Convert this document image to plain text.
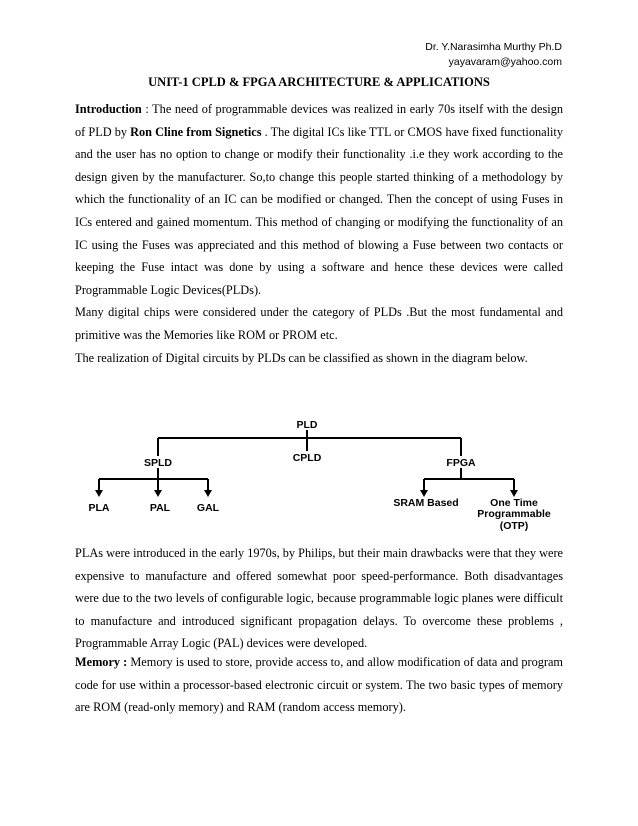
Dr. Y.Narasimha Murthy Ph.D
yayavaram@yahoo.com
UNIT-1 CPLD & FPGA ARCHITECTURE & APPLICATIONS
Introduction : The need of programmable devices was realized in early 70s itself with the design of PLD by Ron Cline from Signetics . The digital ICs like TTL or CMOS have fixed functionality and the user has no option to change or modify their functionality .i.e they work according to the design given by the manufacturer. So,to change this people started thinking of a methodology by which the functionality of an IC can be modified or changed. Then the concept of using Fuses in ICs entered and gained momentum. This method of changing or modifying the functionality of an IC using the Fuses was appreciated and this method of blowing a Fuse between two contacts or keeping the Fuse intact was done by using a software and hence these devices were called Programmable Logic Devices(PLDs).
Many digital chips were considered under the category of PLDs .But the most fundamental and primitive was the Memories like ROM or PROM etc.
The realization of Digital circuits by PLDs can be classified as shown in the diagram below.
PLD
SPLD	CPLD	FPGA
PLA	PAL	GAL	SRAM Based	One Time
Programmable
(OTP)
PLAs were introduced in the early 1970s, by Philips, but their main drawbacks were that they were expensive to manufacture and offered somewhat poor speed-performance. Both disadvantages were due to the two levels of configurable logic, because programmable logic planes were difficult to manufacture and introduced significant propagation delays. To overcome these problems , Programmable Array Logic (PAL) devices were developed.
Memory : Memory is used to store, provide access to, and allow modification of data and program code for use within a processor-based electronic circuit or system. The two basic types of memory are ROM (read-only memory) and RAM (random access memory).
